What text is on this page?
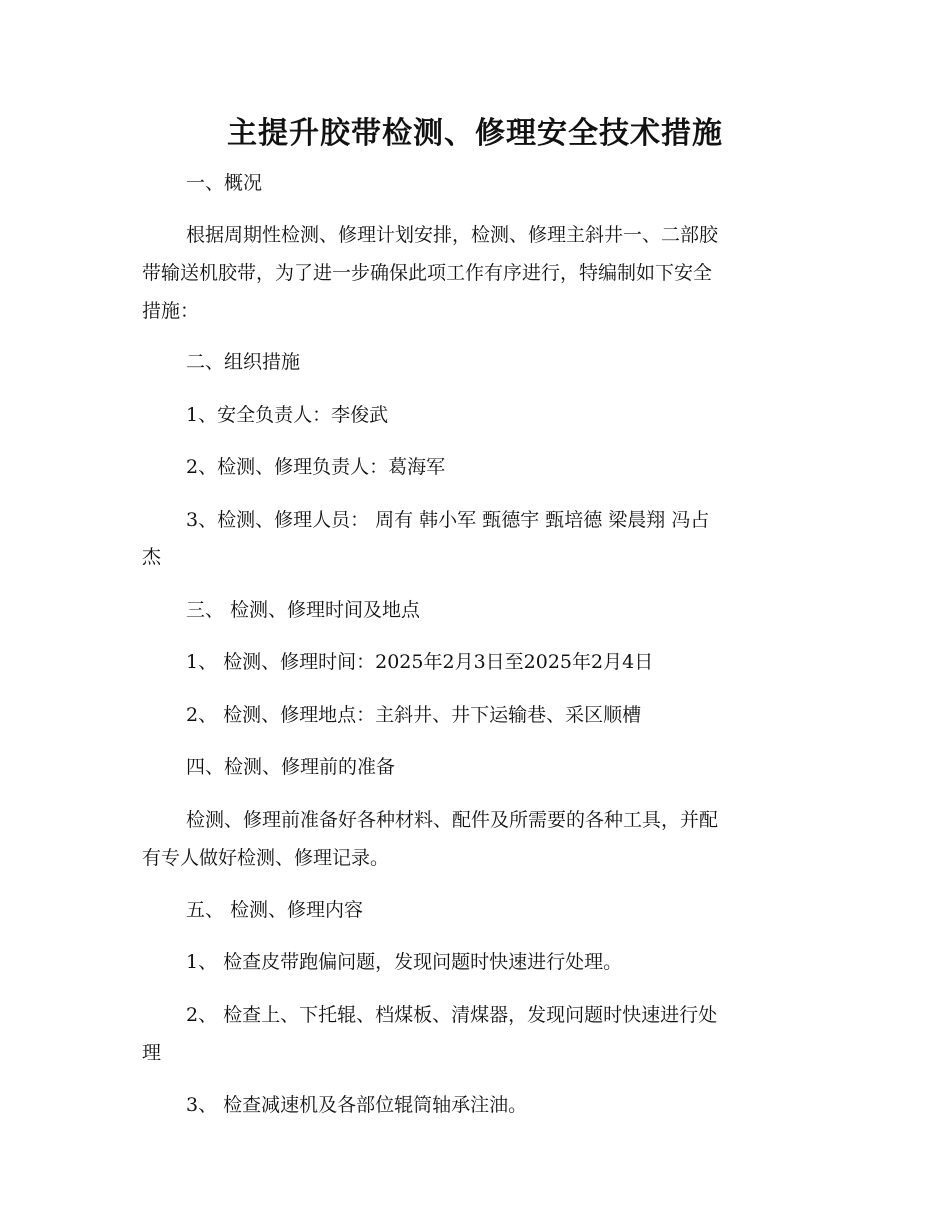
主提升胶带检测、修理安全技术措施

一、概况

根据周期性检测、修理计划安排，检测、修理主斜井一、二部胶

带输送机胶带，为了进一步确保此项工作有序进行，特编制如下安全

措施：

二、组织措施

1、安全负责人：李俊武

2、检测、修理负责人：葛海军

3、检测、修理人员： 周有 韩小军 甄德宇 甄培德 梁晨翔 冯占

杰

三、 检测、修理时间及地点

1、 检测、修理时间：2025年2月3日至2025年2月4日

2、 检测、修理地点：主斜井、井下运输巷、采区顺槽

四、检测、修理前的准备

检测、修理前准备好各种材料、配件及所需要的各种工具，并配

有专人做好检测、修理记录。

五、 检测、修理内容

1、 检查皮带跑偏问题，发现问题时快速进行处理。

2、 检查上、下托辊、档煤板、清煤器，发现问题时快速进行处

理

3、 检查减速机及各部位辊筒轴承注油。
